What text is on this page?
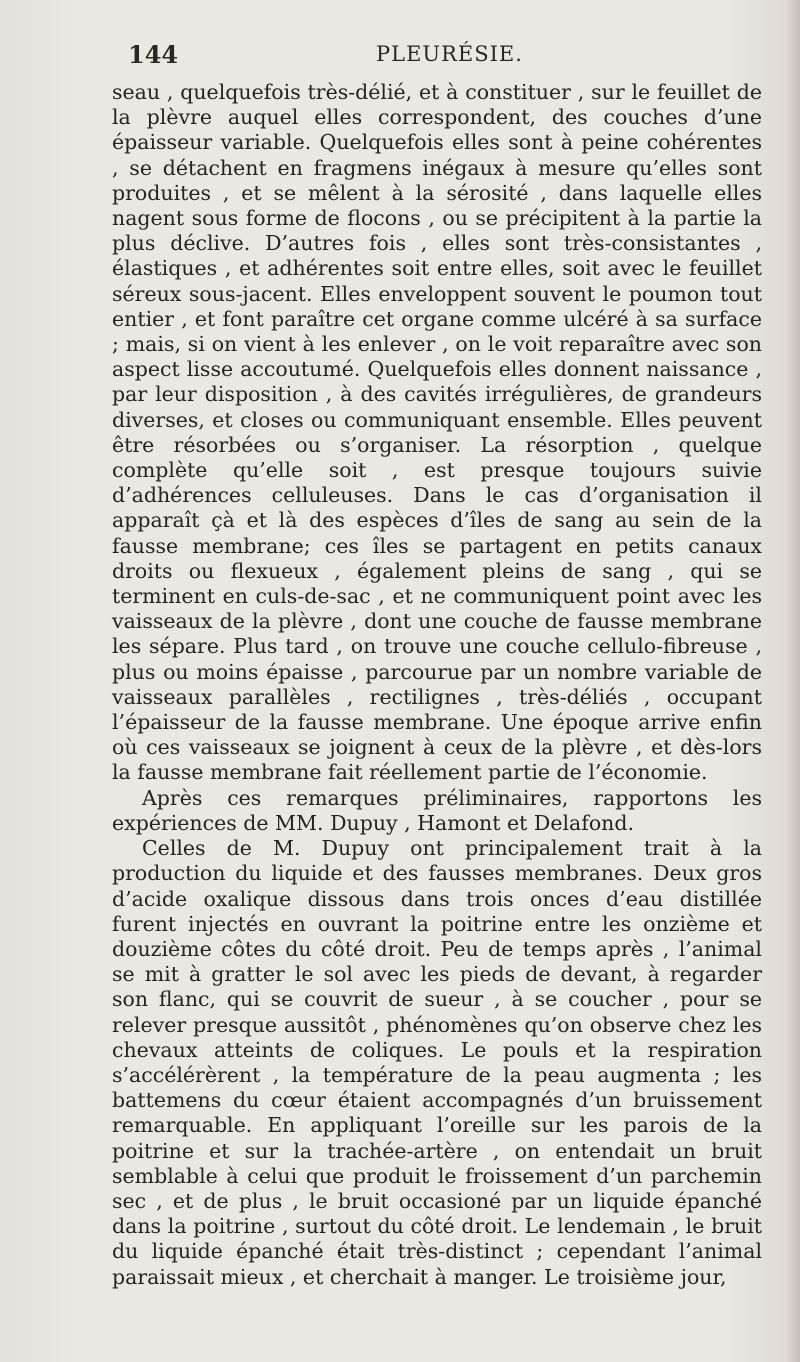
144	PLEURÉSIE.

seau , quelquefois très-délié, et à constituer , sur le feuillet de la plèvre auquel elles correspondent, des couches d’une épaisseur variable. Quelquefois elles sont à peine cohérentes , se détachent en fragmens inégaux à mesure qu’elles sont produites , et se mêlent à la sérosité , dans laquelle elles nagent sous forme de flocons , ou se précipitent à la partie la plus déclive. D’autres fois , elles sont très-consistantes , élastiques , et adhérentes soit entre elles, soit avec le feuillet séreux sous-jacent. Elles enveloppent souvent le poumon tout entier , et font paraître cet organe comme ulcéré à sa surface ; mais, si on vient à les enlever , on le voit reparaître avec son aspect lisse accoutumé. Quelquefois elles donnent naissance , par leur disposition , à des cavités irrégulières, de grandeurs diverses, et closes ou communiquant ensemble. Elles peuvent être résorbées ou s’organiser. La résorption , quelque complète qu’elle soit , est presque toujours suivie d’adhérences celluleuses. Dans le cas d’organisation il apparaît çà et là des espèces d’îles de sang au sein de la fausse membrane; ces îles se partagent en petits canaux droits ou flexueux , également pleins de sang , qui se terminent en culs-de-sac , et ne communiquent point avec les vaisseaux de la plèvre , dont une couche de fausse membrane les sépare. Plus tard , on trouve une couche cellulo-fibreuse , plus ou moins épaisse , parcourue par un nombre variable de vaisseaux parallèles , rectilignes , très-déliés , occupant l’épaisseur de la fausse membrane. Une époque arrive enfin où ces vaisseaux se joignent à ceux de la plèvre , et dès-lors la fausse membrane fait réellement partie de l’économie.

Après ces remarques préliminaires, rapportons les expériences de MM. Dupuy , Hamont et Delafond.

Celles de M. Dupuy ont principalement trait à la production du liquide et des fausses membranes. Deux gros d’acide oxalique dissous dans trois onces d’eau distillée furent injectés en ouvrant la poitrine entre les onzième et douzième côtes du côté droit. Peu de temps après , l’animal se mit à gratter le sol avec les pieds de devant, à regarder son flanc, qui se couvrit de sueur , à se coucher , pour se relever presque aussitôt , phénomènes qu’on observe chez les chevaux atteints de coliques. Le pouls et la respiration s’accélérèrent , la température de la peau augmenta ; les battemens du cœur étaient accompagnés d’un bruissement remarquable. En appliquant l’oreille sur les parois de la poitrine et sur la trachée-artère , on entendait un bruit semblable à celui que produit le froissement d’un parchemin sec , et de plus , le bruit occasioné par un liquide épanché dans la poitrine , surtout du côté droit. Le lendemain , le bruit du liquide épanché était très-distinct ; cependant l’animal paraissait mieux , et cherchait à manger. Le troisième jour,
